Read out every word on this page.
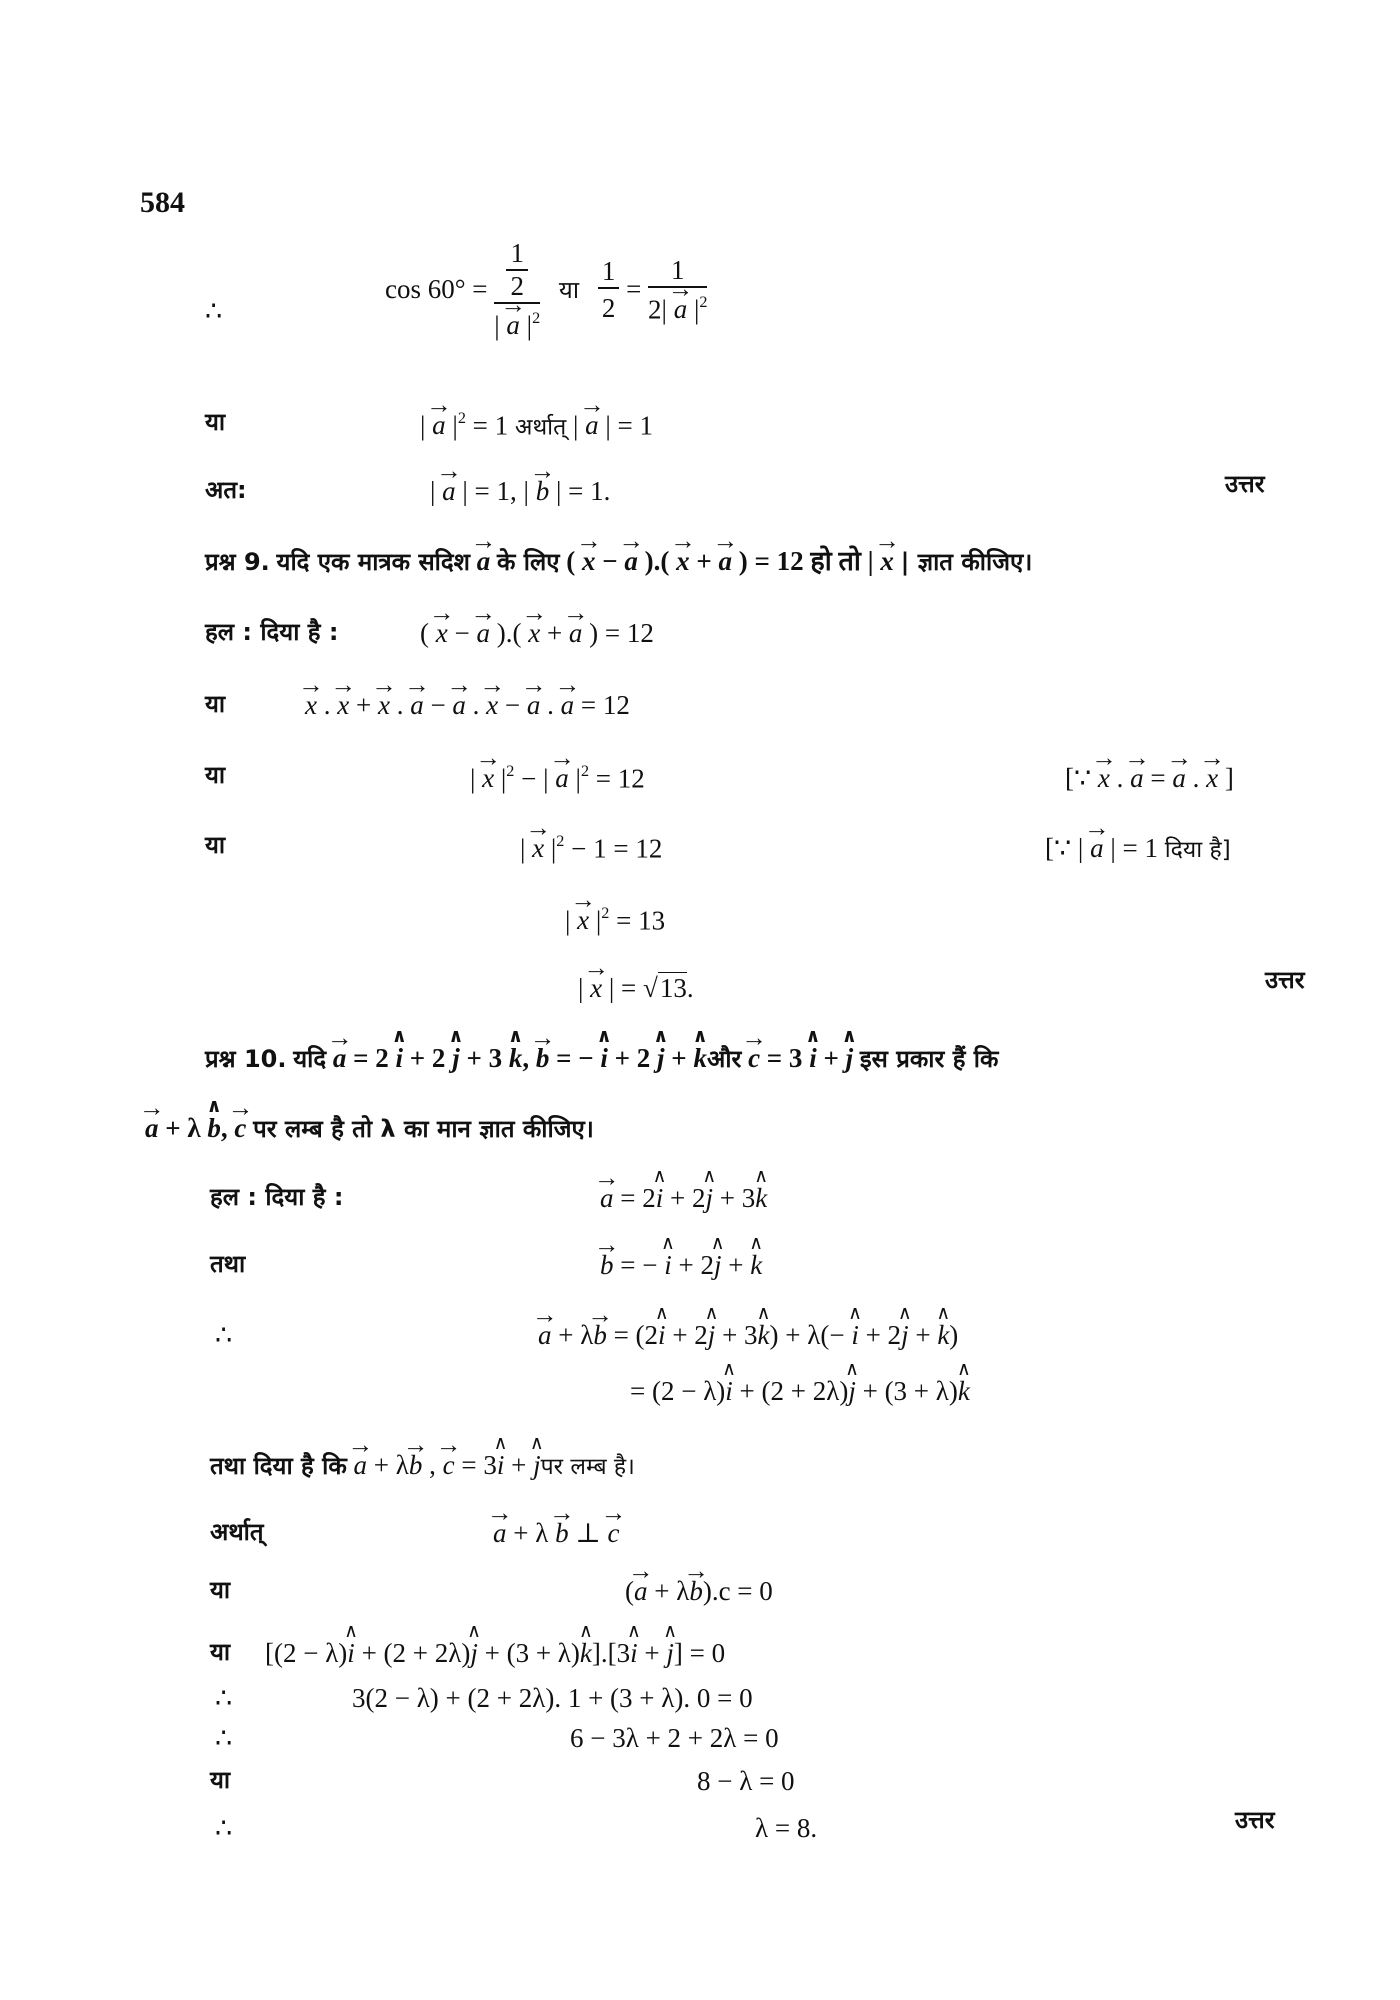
584
∴
$\cos 60^\circ = \frac{\frac{1}{2}}{| \to a |^2}$ या $\frac{1}{2} = \frac{1}{2| \to a |^2}$
या	| → a $|^2 = 1$ अर्थात् | → a | = 1
अत:	| → a | = 1, | → b | = 1.	उत्तर
प्रश्न 9. यदि एक मात्रक सदिश → a के लिए ( → x − → a ).( → x + → a ) = 12 हो तो | → x | ज्ञात कीजिए।
हल : दिया है :	( → x − → a ).( → x + → a ) = 12
या	→ x . → x + → x . → a − → a . → x − → a . → a = 12
या	| → x $|^2$ − | → a $|^2 = 12$	[∵ → x . → a = → a . → x ]
या	| → x $|^2 - 1 = 12$	[∵ | → a | = 1 दिया है]
| → x $|^2 = 13$
| → x | = √13.	उत्तर
प्रश्न 10. यदि → a = 2 ∧ i + 2 ∧ j + 3 ∧ k, → b = − ∧ i + 2 ∧ j + ∧ kऔर → c = 3 ∧ i + ∧ j इस प्रकार हैं कि
→ a + λ ∧ b, → c पर लम्ब है तो λ का मान ज्ञात कीजिए।
हल : दिया है :	→ a = 2∧ i + 2∧ j + 3∧ k
तथा	→ b = − ∧ i + 2∧ j + ∧ k
∴	→ a + λ→ b = (2∧ i + 2∧ j + 3∧ k) + λ(− ∧ i + 2∧ j + ∧ k)
= (2 − λ)∧ i + (2 + 2λ)∧ j + (3 + λ)∧ k
तथा दिया है कि → a + λ→ b , → c = 3∧ i + ∧ jपर लम्ब है।
अर्थात्	→ a + λ → b ⊥ → c
या	(→ a + λ→ b).c = 0
या [(2 − λ)∧ i + (2 + 2λ)∧ j + (3 + λ)∧ k].[3∧ i + ∧ j] = 0
∴	3(2 − λ) + (2 + 2λ). 1 + (3 + λ). 0 = 0
∴	6 − 3λ + 2 + 2λ = 0
या	8 − λ = 0
∴	λ = 8.	उत्तर
